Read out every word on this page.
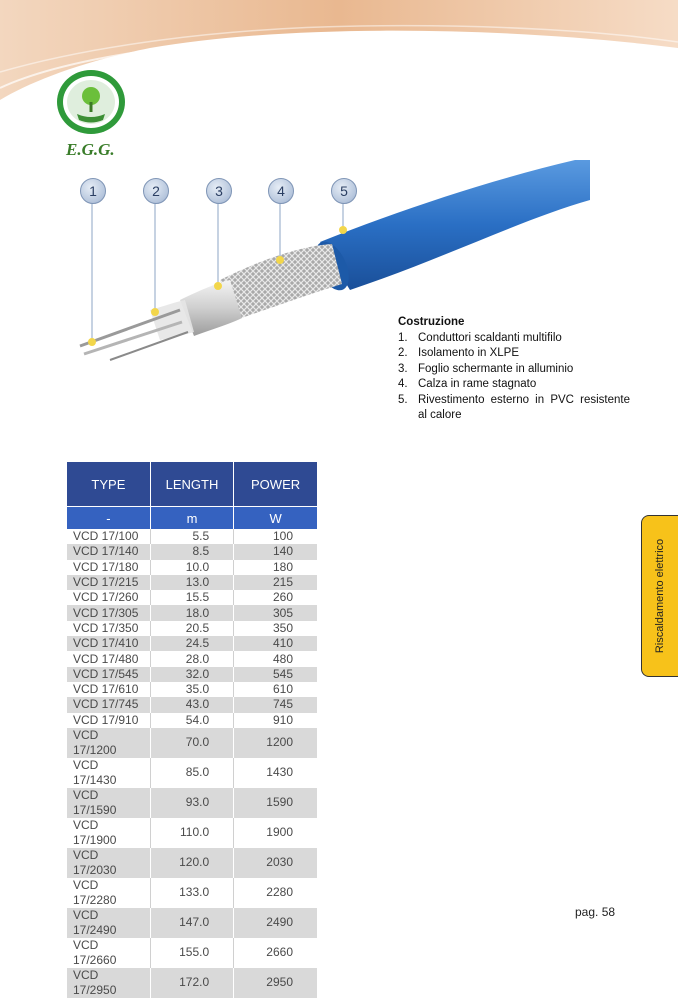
E.G.G.
1	2	3	4	5
Costruzione
1. Conduttori scaldanti multifilo
2. Isolamento in XLPE
3. Foglio schermante in alluminio
4. Calza in rame stagnato
5. Rivestimento esterno in PVC resistente al calore
TYPE	LENGTH	POWER
-	m	W
VCD 17/100	5.5	100
VCD 17/140	8.5	140
VCD 17/180	10.0	180
VCD 17/215	13.0	215
VCD 17/260	15.5	260
VCD 17/305	18.0	305
VCD 17/350	20.5	350
VCD 17/410	24.5	410
VCD 17/480	28.0	480
VCD 17/545	32.0	545
VCD 17/610	35.0	610
VCD 17/745	43.0	745
VCD 17/910	54.0	910
VCD 17/1200	70.0	1200
VCD 17/1430	85.0	1430
VCD 17/1590	93.0	1590
VCD 17/1900	110.0	1900
VCD 17/2030	120.0	2030
VCD 17/2280	133.0	2280
VCD 17/2490	147.0	2490
VCD 17/2660	155.0	2660
VCD 17/2950	172.0	2950
Riscaldamento elettrico
pag. 58
